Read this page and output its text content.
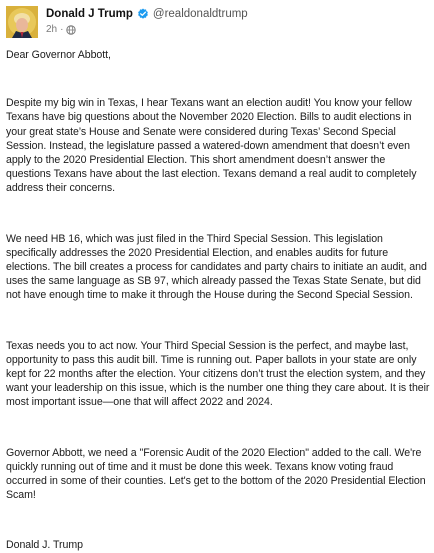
Donald J Trump @realdonaldtrump
2h ·

Dear Governor Abbott,

Despite my big win in Texas, I hear Texans want an election audit! You know your fellow Texans have big questions about the November 2020 Election. Bills to audit elections in your great state’s House and Senate were considered during Texas’ Second Special Session. Instead, the legislature passed a watered-down amendment that doesn’t even apply to the 2020 Presidential Election. This short amendment doesn’t answer the questions Texans have about the last election. Texans demand a real audit to completely address their concerns.

We need HB 16, which was just filed in the Third Special Session. This legislation specifically addresses the 2020 Presidential Election, and enables audits for future elections. The bill creates a process for candidates and party chairs to initiate an audit, and uses the same language as SB 97, which already passed the Texas State Senate, but did not have enough time to make it through the House during the Second Special Session.

Texas needs you to act now. Your Third Special Session is the perfect, and maybe last, opportunity to pass this audit bill. Time is running out. Paper ballots in your state are only kept for 22 months after the election. Your citizens don’t trust the election system, and they want your leadership on this issue, which is the number one thing they care about. It is their most important issue—one that will affect 2022 and 2024.

Governor Abbott, we need a "Forensic Audit of the 2020 Election" added to the call. We're quickly running out of time and it must be done this week. Texans know voting fraud occurred in some of their counties. Let's get to the bottom of the 2020 Presidential Election Scam!

Donald J. Trump
